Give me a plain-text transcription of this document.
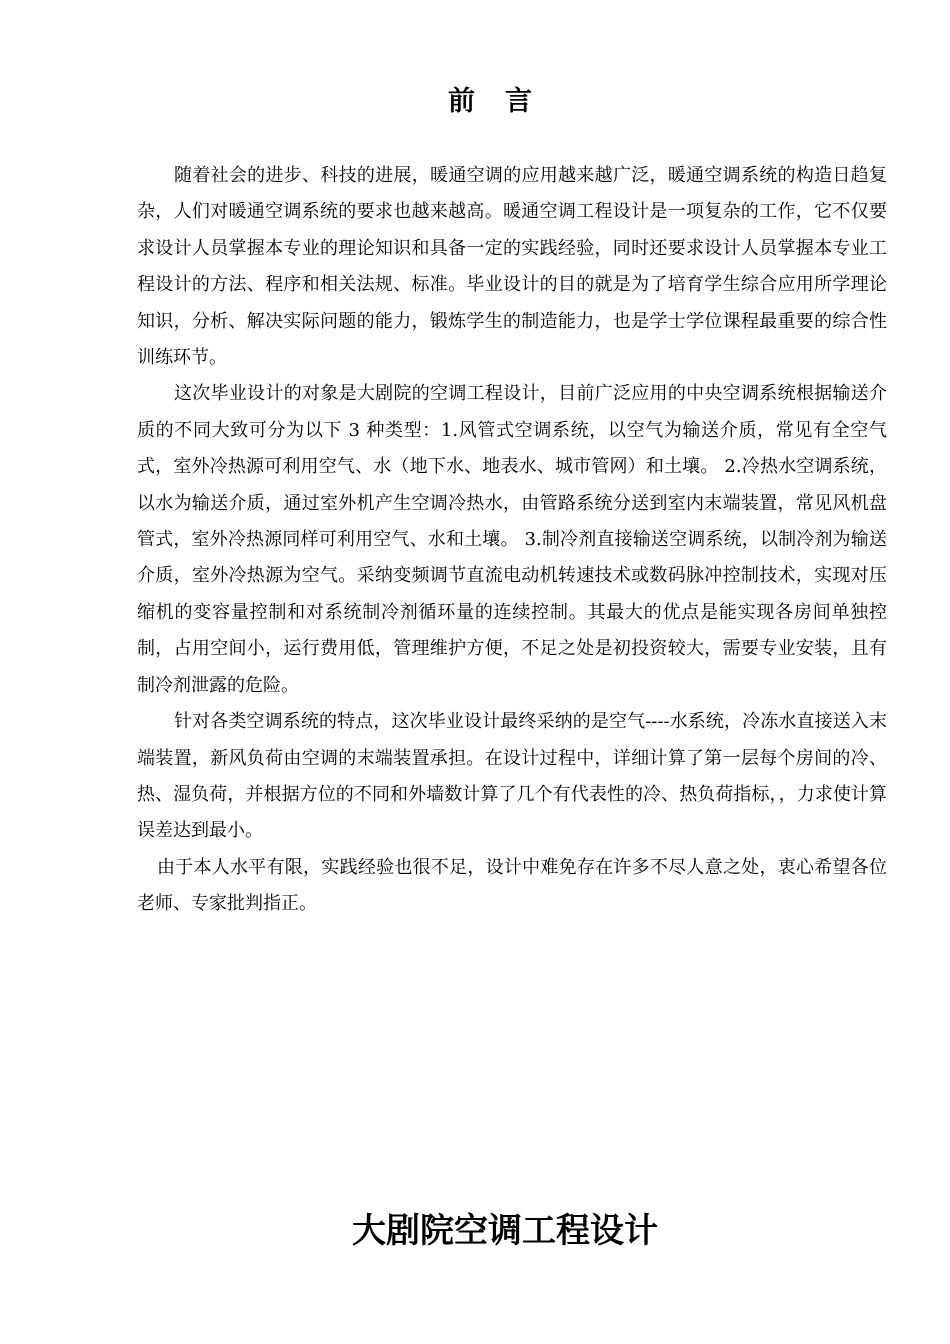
前言

随着社会的进步、科技的进展，暖通空调的应用越来越广泛，暖通空调系统的构造日趋复杂，人们对暖通空调系统的要求也越来越高。暖通空调工程设计是一项复杂的工作，它不仅要求设计人员掌握本专业的理论知识和具备一定的实践经验，同时还要求设计人员掌握本专业工程设计的方法、程序和相关法规、标准。毕业设计的目的就是为了培育学生综合应用所学理论知识，分析、解决实际问题的能力，锻炼学生的制造能力，也是学士学位课程最重要的综合性训练环节。

这次毕业设计的对象是大剧院的空调工程设计，目前广泛应用的中央空调系统根据输送介质的不同大致可分为以下 3 种类型：1.风管式空调系统，以空气为输送介质，常见有全空气式，室外冷热源可利用空气、水（地下水、地表水、城市管网）和土壤。 2.冷热水空调系统，以水为输送介质，通过室外机产生空调冷热水，由管路系统分送到室内末端装置，常见风机盘管式，室外冷热源同样可利用空气、水和土壤。 3.制冷剂直接输送空调系统，以制冷剂为输送介质，室外冷热源为空气。采纳变频调节直流电动机转速技术或数码脉冲控制技术，实现对压缩机的变容量控制和对系统制冷剂循环量的连续控制。其最大的优点是能实现各房间单独控制，占用空间小，运行费用低，管理维护方便，不足之处是初投资较大，需要专业安装，且有制冷剂泄露的危险。

针对各类空调系统的特点，这次毕业设计最终采纳的是空气----水系统，冷冻水直接送入末端装置，新风负荷由空调的末端装置承担。在设计过程中，详细计算了第一层每个房间的冷、热、湿负荷，并根据方位的不同和外墙数计算了几个有代表性的冷、热负荷指标，，力求使计算误差达到最小。

由于本人水平有限，实践经验也很不足，设计中难免存在许多不尽人意之处，衷心希望各位老师、专家批判指正。

大剧院空调工程设计
